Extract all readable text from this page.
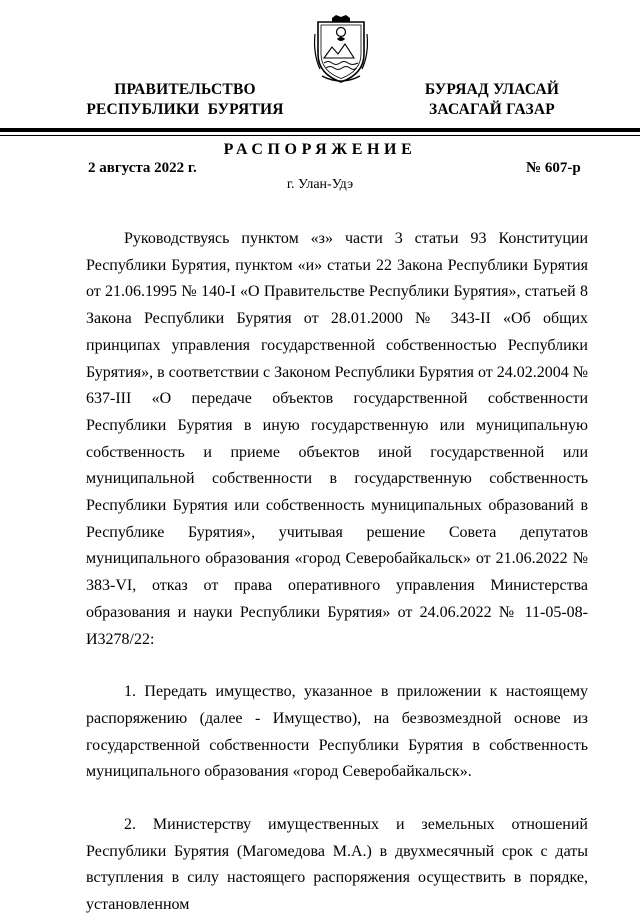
ПРАВИТЕЛЬСТВО
РЕСПУБЛИКИ  БУРЯТИЯ
БУРЯАД УЛАСАЙ
ЗАСАГАЙ ГАЗАР
РАСПОРЯЖЕНИЕ
2 августа 2022 г.	№ 607-р
г. Улан-Удэ

Руководствуясь пунктом «з» части 3 статьи 93 Конституции Республики Бурятия, пунктом «и» статьи 22 Закона Республики Бурятия от 21.06.1995 № 140-I «О Правительстве Республики Бурятия», статьей 8 Закона Республики Бурятия от 28.01.2000 № 343-II «Об общих принципах управления государственной собственностью Республики Бурятия», в соответствии с Законом Республики Бурятия от 24.02.2004 № 637-III «О передаче объектов государственной собственности Республики Бурятия в иную государственную или муниципальную собственность и приеме объектов иной государственной или муниципальной собственности в государственную собственность Республики Бурятия или собственность муниципальных образований в Республике Бурятия», учитывая решение Совета депутатов муниципального образования «город Северобайкальск» от 21.06.2022 № 383-VI, отказ от права оперативного управления Министерства образования и науки Республики Бурятия» от 24.06.2022 № 11-05-08-И3278/22:

1. Передать имущество, указанное в приложении к настоящему распоряжению (далее - Имущество), на безвозмездной основе из государственной собственности Республики Бурятия в собственность муниципального образования «город Северобайкальск».

2. Министерству имущественных и земельных отношений Республики Бурятия (Магомедова М.А.) в двухмесячный срок с даты вступления в силу настоящего распоряжения осуществить в порядке, установленном
